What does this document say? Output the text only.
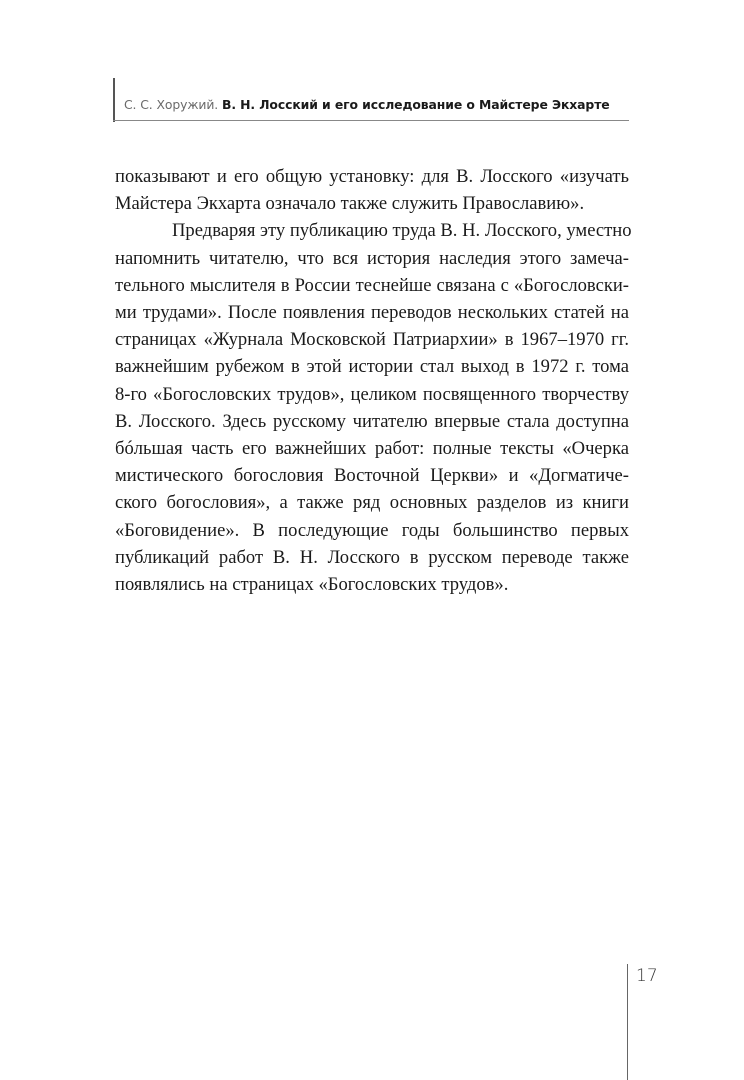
С. С. Хоружий. В. Н. Лосский и его исследование о Майстере Экхарте
показывают и его общую установку: для В. Лосского «изучать
Майстера Экхарта означало также служить Православию».
Предваряя эту публикацию труда В. Н. Лосского, уместно
напомнить читателю, что вся история наследия этого замеча-
тельного мыслителя в России теснейше связана с «Богословски-
ми трудами». После появления переводов нескольких статей на
страницах «Журнала Московской Патриархии» в 1967–1970 гг.
важнейшим рубежом в этой истории стал выход в 1972 г. тома
8-го «Богословских трудов», целиком посвященного творчеству
В. Лосского. Здесь русскому читателю впервые стала доступна
бóльшая часть его важнейших работ: полные тексты «Очерка
мистического богословия Восточной Церкви» и «Догматиче-
ского богословия», а также ряд основных разделов из книги
«Боговидение». В последующие годы большинство первых
публикаций работ В. Н. Лосского в русском переводе также
появлялись на страницах «Богословских трудов».
17
